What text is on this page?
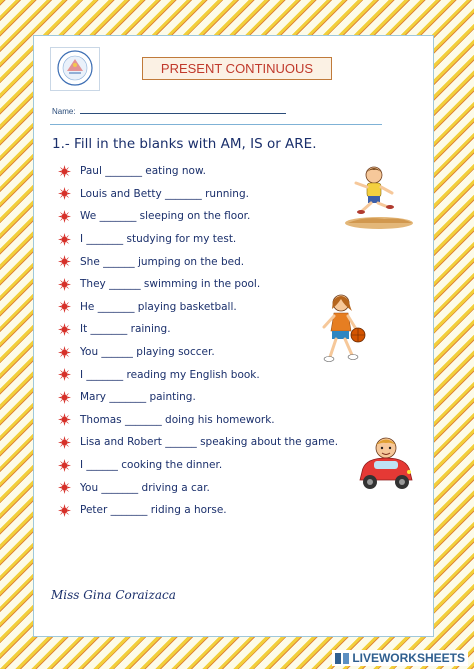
PRESENT CONTINUOUS
Name:
1.- Fill in the blanks with AM, IS or ARE.
Paul _______ eating now.
Louis and Betty _______ running.
We _______ sleeping on the floor.
I _______ studying for my test.
She ______ jumping on the bed.
They ______ swimming in the pool.
He _______ playing basketball.
It _______ raining.
You ______ playing soccer.
I _______ reading my English book.
Mary _______ painting.
Thomas _______ doing his homework.
Lisa and Robert ______ speaking about the game.
I ______ cooking the dinner.
You _______ driving a car.
Peter _______ riding a horse.
Miss Gina Coraizaca
LIVEWORKSHEETS
